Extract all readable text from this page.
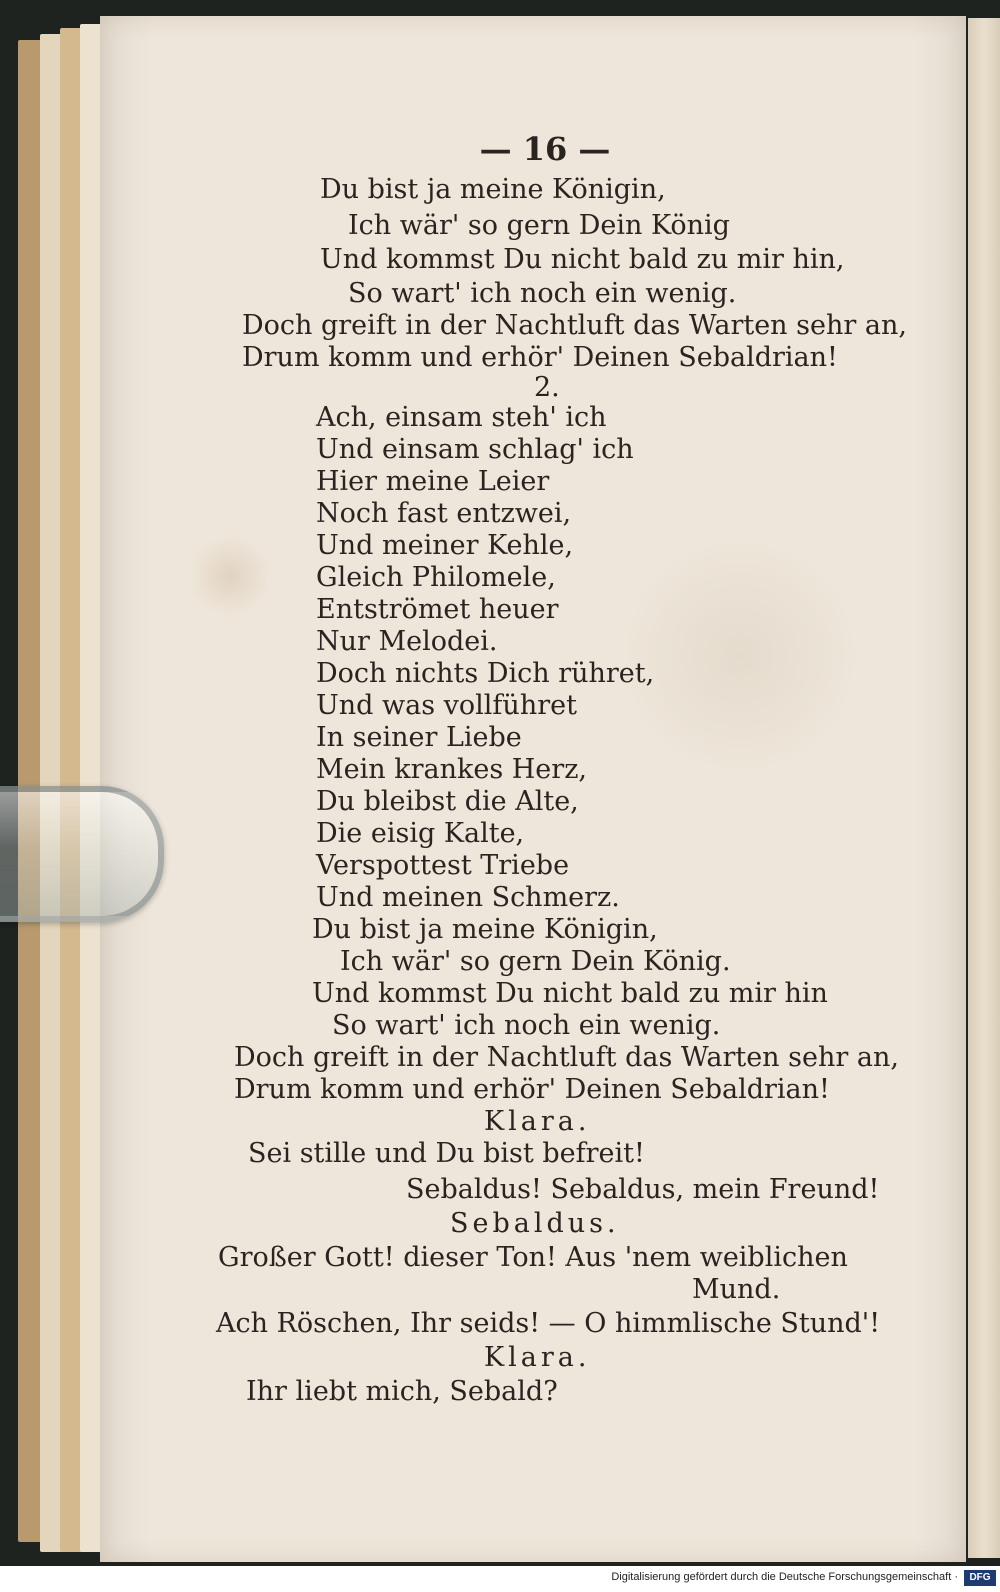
— 16 —
Du bist ja meine Königin,
Ich wär' so gern Dein König
Und kommst Du nicht bald zu mir hin,
So wart' ich noch ein wenig.
Doch greift in der Nachtluft das Warten sehr an,
Drum komm und erhör' Deinen Sebaldrian!
2.
Ach, einsam steh' ich
Und einsam schlag' ich
Hier meine Leier
Noch fast entzwei,
Und meiner Kehle,
Gleich Philomele,
Entströmet heuer
Nur Melodei.
Doch nichts Dich rühret,
Und was vollführet
In seiner Liebe
Mein krankes Herz,
Du bleibst die Alte,
Die eisig Kalte,
Verspottest Triebe
Und meinen Schmerz.
Du bist ja meine Königin,
Ich wär' so gern Dein König.
Und kommst Du nicht bald zu mir hin
So wart' ich noch ein wenig.
Doch greift in der Nachtluft das Warten sehr an,
Drum komm und erhör' Deinen Sebaldrian!
Klara.
Sei stille und Du bist befreit!
Sebaldus! Sebaldus, mein Freund!
Sebaldus.
Großer Gott! dieser Ton! Aus 'nem weiblichen
Mund.
Ach Röschen, Ihr seids! — O himmlische Stund'!
Klara.
Ihr liebt mich, Sebald?
Digitalisierung gefördert durch die Deutsche Forschungsgemeinschaft ·	DFG
